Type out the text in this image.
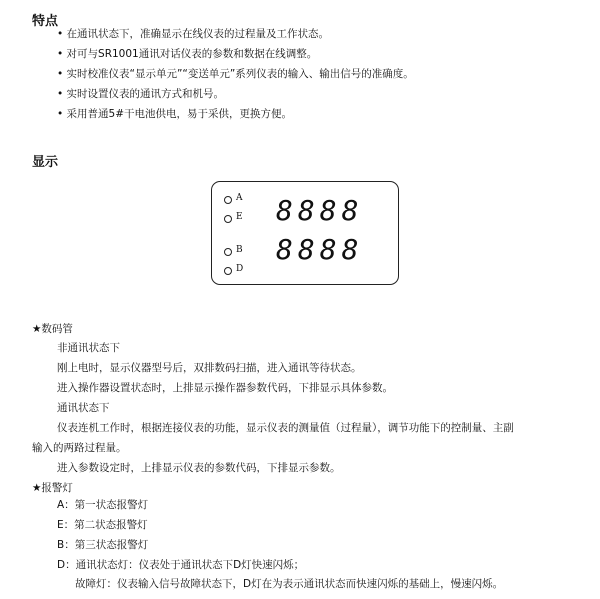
特点
• 在通讯状态下，准确显示在线仪表的过程量及工作状态。
• 对可与SR1001通讯对话仪表的参数和数据在线调整。
• 实时校准仪表“显示单元”“变送单元”系列仪表的输入、输出信号的准确度。
• 实时设置仪表的通讯方式和机号。
• 采用普通5#干电池供电，易于采供，更换方便。
显示
A
E
B
D
8888
8888
★数码管
非通讯状态下
刚上电时，显示仪器型号后，双排数码扫描，进入通讯等待状态。
进入操作器设置状态时，上排显示操作器参数代码，下排显示具体参数。
通讯状态下
仪表连机工作时，根据连接仪表的功能，显示仪表的测量值（过程量），调节功能下的控制量、主副
输入的两路过程量。
进入参数设定时，上排显示仪表的参数代码，下排显示参数。
★报警灯
A：第一状态报警灯
E：第二状态报警灯
B：第三状态报警灯
D：通讯状态灯：仪表处于通讯状态下D灯快速闪烁；
故障灯：仪表输入信号故障状态下，D灯在为表示通讯状态而快速闪烁的基础上，慢速闪烁。
